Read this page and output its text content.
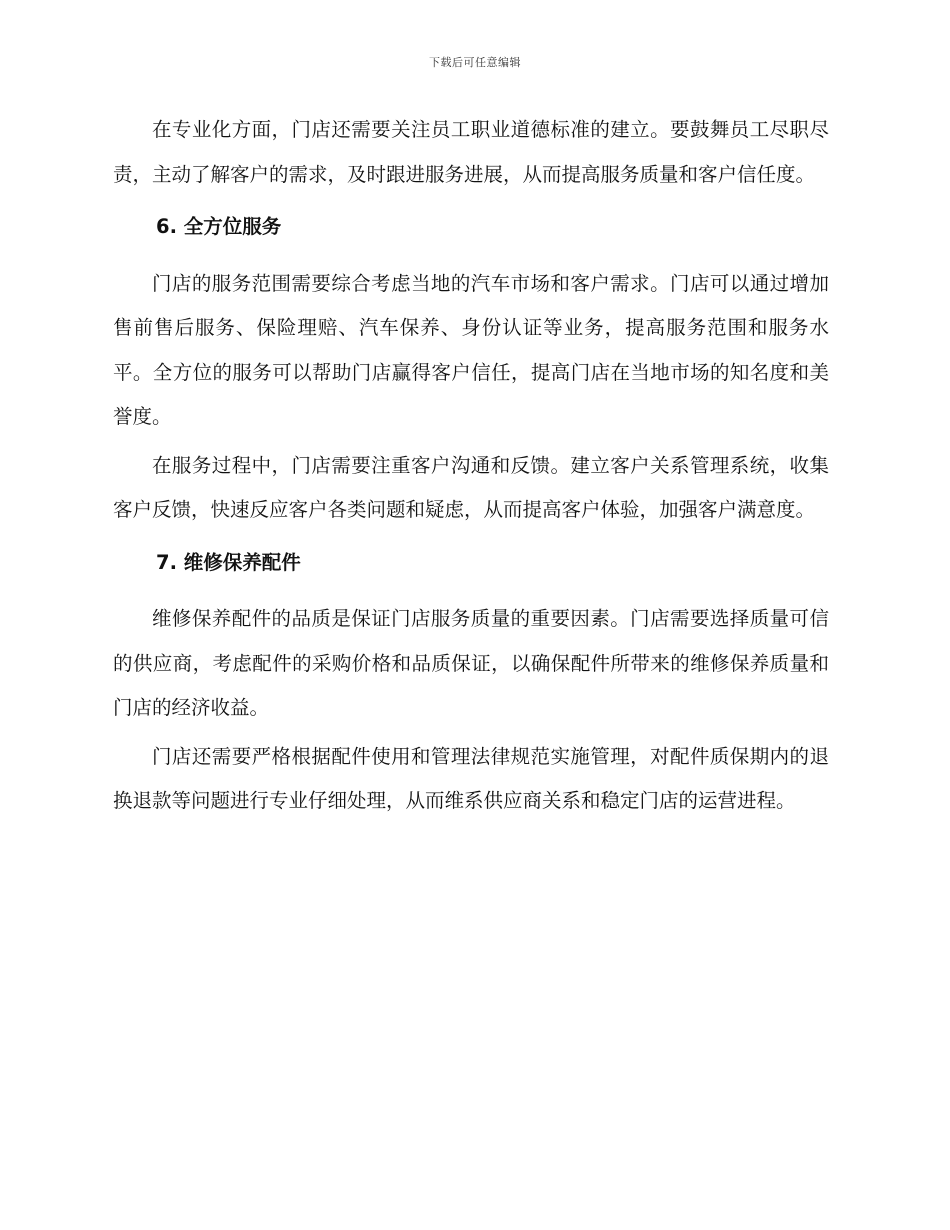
下载后可任意编辑

在专业化方面，门店还需要关注员工职业道德标准的建立。要鼓舞员工尽职尽责，主动了解客户的需求，及时跟进服务进展，从而提高服务质量和客户信任度。

6. 全方位服务

门店的服务范围需要综合考虑当地的汽车市场和客户需求。门店可以通过增加售前售后服务、保险理赔、汽车保养、身份认证等业务，提高服务范围和服务水平。全方位的服务可以帮助门店赢得客户信任，提高门店在当地市场的知名度和美誉度。

在服务过程中，门店需要注重客户沟通和反馈。建立客户关系管理系统，收集客户反馈，快速反应客户各类问题和疑虑，从而提高客户体验，加强客户满意度。

7. 维修保养配件

维修保养配件的品质是保证门店服务质量的重要因素。门店需要选择质量可信的供应商，考虑配件的采购价格和品质保证，以确保配件所带来的维修保养质量和门店的经济收益。

门店还需要严格根据配件使用和管理法律规范实施管理，对配件质保期内的退换退款等问题进行专业仔细处理，从而维系供应商关系和稳定门店的运营进程。
